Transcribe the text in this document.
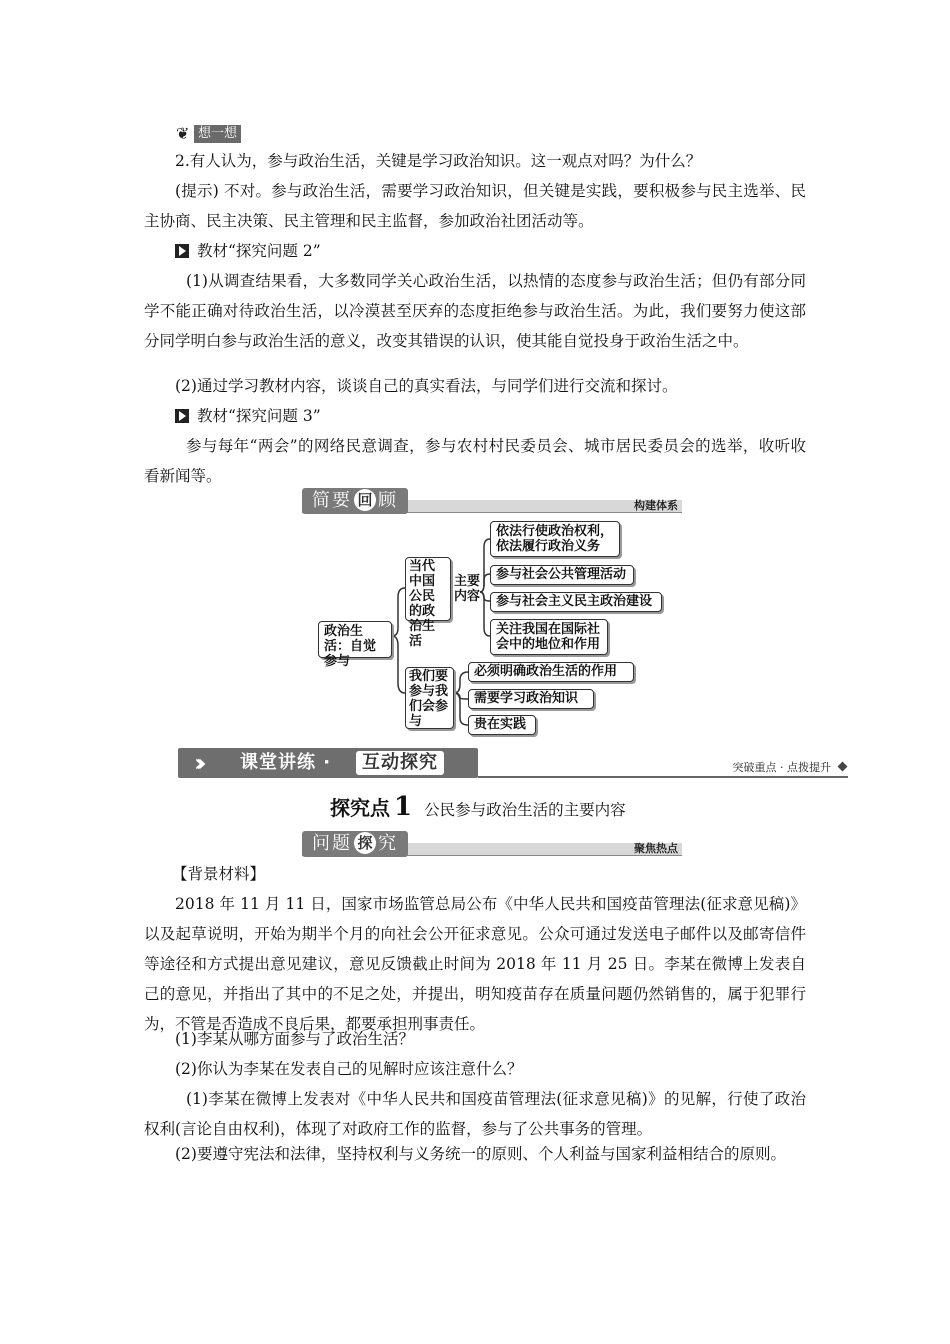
❦ 想一想

2.有人认为，参与政治生活，关键是学习政治知识。这一观点对吗？为什么？

(提示) 不对。参与政治生活，需要学习政治知识，但关键是实践，要积极参与民主选举、民主协商、民主决策、民主管理和民主监督，参加政治社团活动等。

教材“探究问题 2”

(1)从调查结果看，大多数同学关心政治生活，以热情的态度参与政治生活；但仍有部分同学不能正确对待政治生活，以冷漠甚至厌弃的态度拒绝参与政治生活。为此，我们要努力使这部分同学明白参与政治生活的意义，改变其错误的认识，使其能自觉投身于政治生活之中。

(2)通过学习教材内容，谈谈自己的真实看法，与同学们进行交流和探讨。

教材“探究问题 3”

参与每年“两会”的网络民意调查，参与农村村民委员会、城市居民委员会的选举，收听收看新闻等。

简要 回 顾	构建体系
政治生活：自觉参与
当代中国公民的政治生活
主要内容
依法行使政治权利，依法履行政治义务
参与社会公共管理活动
参与社会主义民主政治建设
关注我国在国际社会中的地位和作用
我们要参与我们会参与
必须明确政治生活的作用
需要学习政治知识
贵在实践
››› 课堂讲练 ·	互动探究	突破重点 · 点拨提升
探究点 1 公民参与政治生活的主要内容
问题 探 究	聚焦热点

【背景材料】

2018 年 11 月 11 日，国家市场监管总局公布《中华人民共和国疫苗管理法(征求意见稿)》以及起草说明，开始为期半个月的向社会公开征求意见。公众可通过发送电子邮件以及邮寄信件等途径和方式提出意见建议，意见反馈截止时间为 2018 年 11 月 25 日。李某在微博上发表自己的意见，并指出了其中的不足之处，并提出，明知疫苗存在质量问题仍然销售的，属于犯罪行为，不管是否造成不良后果，都要承担刑事责任。

(1)李某从哪方面参与了政治生活？

(2)你认为李某在发表自己的见解时应该注意什么？

(1)李某在微博上发表对《中华人民共和国疫苗管理法(征求意见稿)》的见解，行使了政治权利(言论自由权利)，体现了对政府工作的监督，参与了公共事务的管理。

(2)要遵守宪法和法律，坚持权利与义务统一的原则、个人利益与国家利益相结合的原则。
